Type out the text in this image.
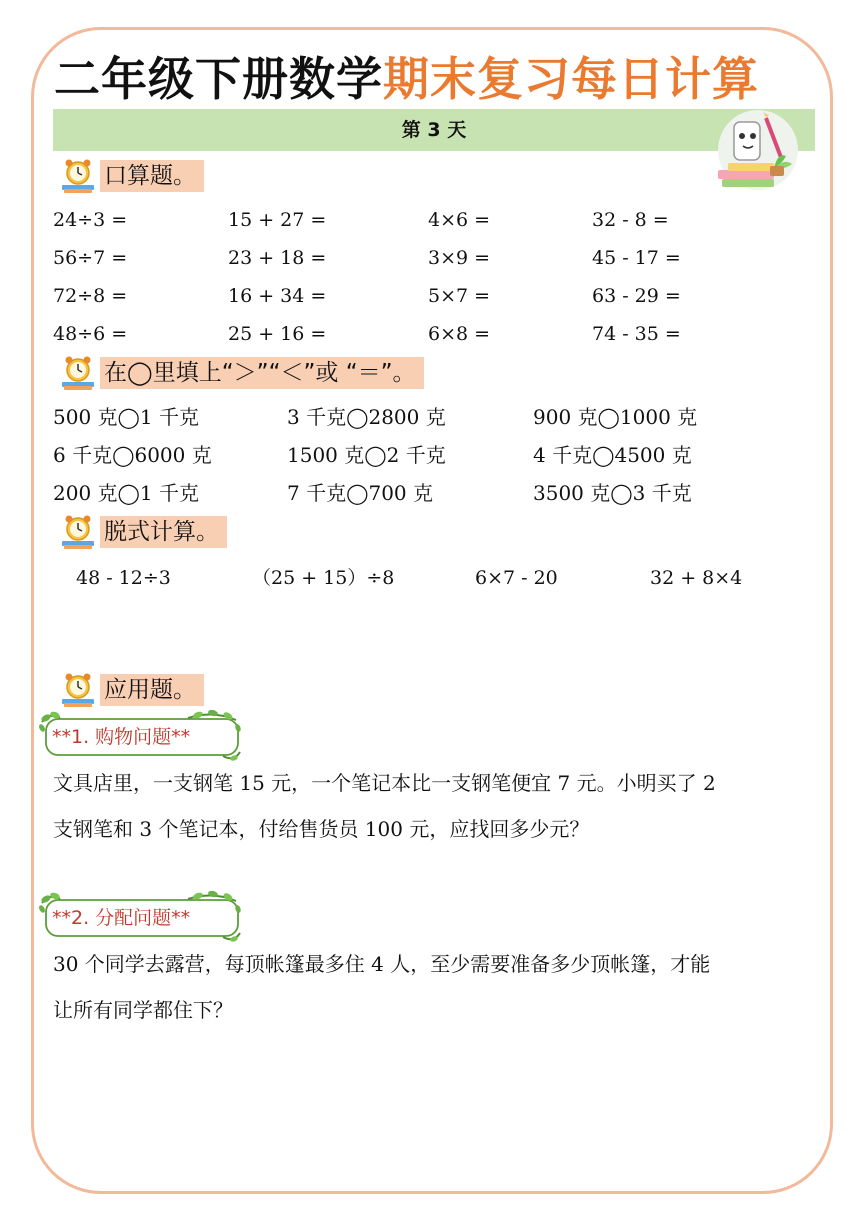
二年级下册数学期末复习每日计算
第 3 天
口算题。
24÷3 =	15 + 27 =	4×6 =	32 - 8 =
56÷7 =	23 + 18 =	3×9 =	45 - 17 =
72÷8 =	16 + 34 =	5×7 =	63 - 29 =
48÷6 =	25 + 16 =	6×8 =	74 - 35 =
在◯里填上“＞”“＜”或 “＝”。
500 克◯1 千克	3 千克◯2800 克	900 克◯1000 克
6 千克◯6000 克	1500 克◯2 千克	4 千克◯4500 克
200 克◯1 千克	7 千克◯700 克	3500 克◯3 千克
脱式计算。
48 - 12÷3	（25 + 15）÷8	6×7 - 20	32 + 8×4
应用题。
**1. 购物问题**
文具店里，一支钢笔 15 元，一个笔记本比一支钢笔便宜 7 元。小明买了 2
支钢笔和 3 个笔记本，付给售货员 100 元，应找回多少元？
**2. 分配问题**
30 个同学去露营，每顶帐篷最多住 4 人，至少需要准备多少顶帐篷，才能
让所有同学都住下？
